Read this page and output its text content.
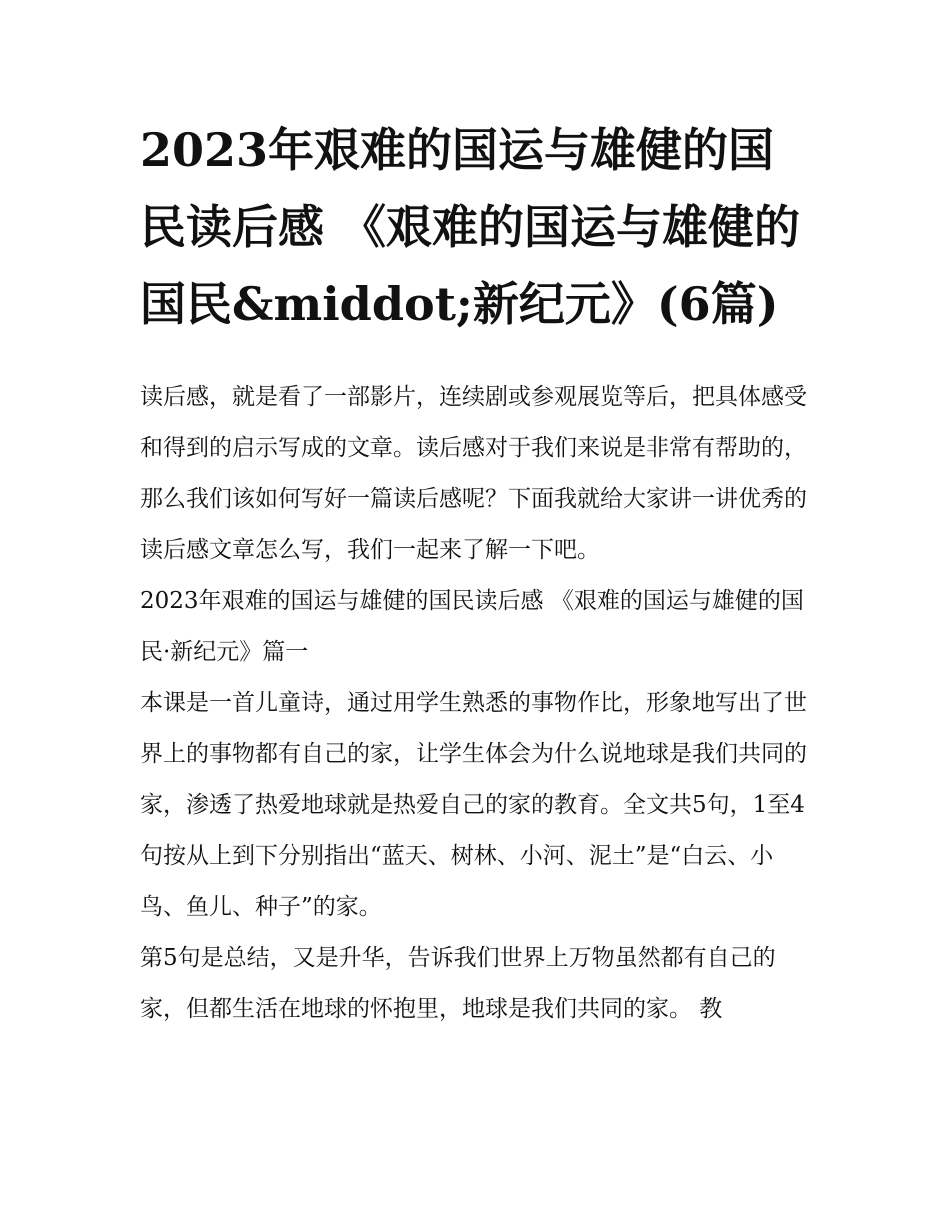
2023年艰难的国运与雄健的国民读后感 《艰难的国运与雄健的国民&middot;新纪元》(6篇)

读后感，就是看了一部影片，连续剧或参观展览等后，把具体感受和得到的启示写成的文章。读后感对于我们来说是非常有帮助的，那么我们该如何写好一篇读后感呢？下面我就给大家讲一讲优秀的读后感文章怎么写，我们一起来了解一下吧。

2023年艰难的国运与雄健的国民读后感 《艰难的国运与雄健的国民·新纪元》篇一

本课是一首儿童诗，通过用学生熟悉的事物作比，形象地写出了世界上的事物都有自己的家，让学生体会为什么说地球是我们共同的家，渗透了热爱地球就是热爱自己的家的教育。全文共5句，1至4句按从上到下分别指出“蓝天、树林、小河、泥土”是“白云、小鸟、鱼儿、种子”的家。

第5句是总结，又是升华，告诉我们世界上万物虽然都有自己的家，但都生活在地球的怀抱里，地球是我们共同的家。 教
